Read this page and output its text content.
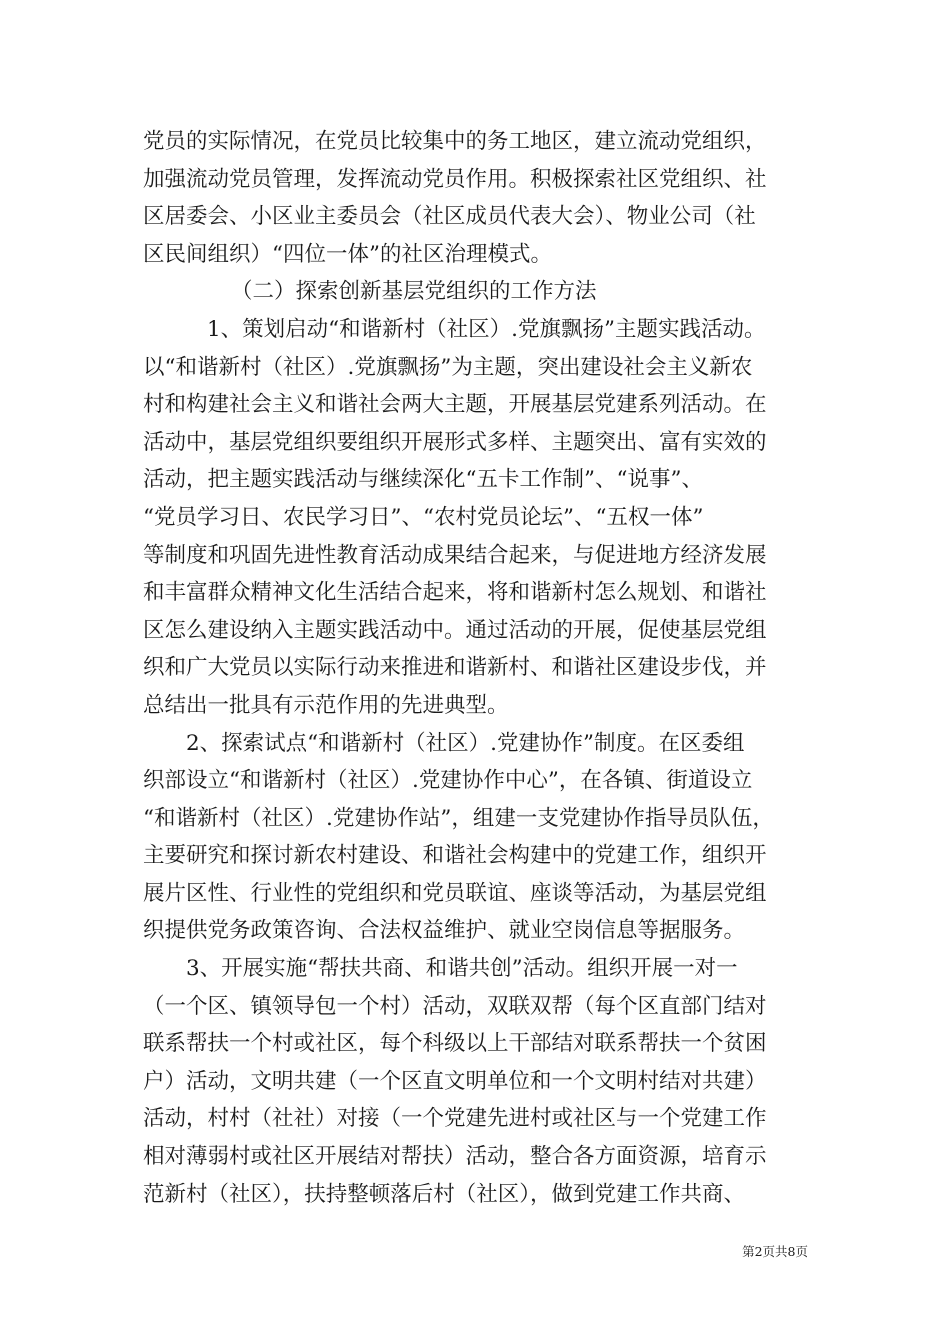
党员的实际情况，在党员比较集中的务工地区，建立流动党组织，
加强流动党员管理，发挥流动党员作用。积极探索社区党组织、社
区居委会、小区业主委员会（社区成员代表大会）、物业公司（社
区民间组织）“四位一体”的社区治理模式。
（二）探索创新基层党组织的工作方法
1、策划启动“和谐新村（社区）.党旗飘扬”主题实践活动。
以“和谐新村（社区）.党旗飘扬”为主题，突出建设社会主义新农
村和构建社会主义和谐社会两大主题，开展基层党建系列活动。在
活动中，基层党组织要组织开展形式多样、主题突出、富有实效的
活动，把主题实践活动与继续深化“五卡工作制”、“说事”、
“党员学习日、农民学习日”、“农村党员论坛”、“五权一体”
等制度和巩固先进性教育活动成果结合起来，与促进地方经济发展
和丰富群众精神文化生活结合起来，将和谐新村怎么规划、和谐社
区怎么建设纳入主题实践活动中。通过活动的开展，促使基层党组
织和广大党员以实际行动来推进和谐新村、和谐社区建设步伐，并
总结出一批具有示范作用的先进典型。
2、探索试点“和谐新村（社区）.党建协作”制度。在区委组
织部设立“和谐新村（社区）.党建协作中心”，在各镇、街道设立
“和谐新村（社区）.党建协作站”，组建一支党建协作指导员队伍，
主要研究和探讨新农村建设、和谐社会构建中的党建工作，组织开
展片区性、行业性的党组织和党员联谊、座谈等活动，为基层党组
织提供党务政策咨询、合法权益维护、就业空岗信息等据服务。
3、开展实施“帮扶共商、和谐共创”活动。组织开展一对一
（一个区、镇领导包一个村）活动，双联双帮（每个区直部门结对
联系帮扶一个村或社区，每个科级以上干部结对联系帮扶一个贫困
户）活动，文明共建（一个区直文明单位和一个文明村结对共建）
活动，村村（社社）对接（一个党建先进村或社区与一个党建工作
相对薄弱村或社区开展结对帮扶）活动，整合各方面资源，培育示
范新村（社区），扶持整顿落后村（社区），做到党建工作共商、
第2页共8页
